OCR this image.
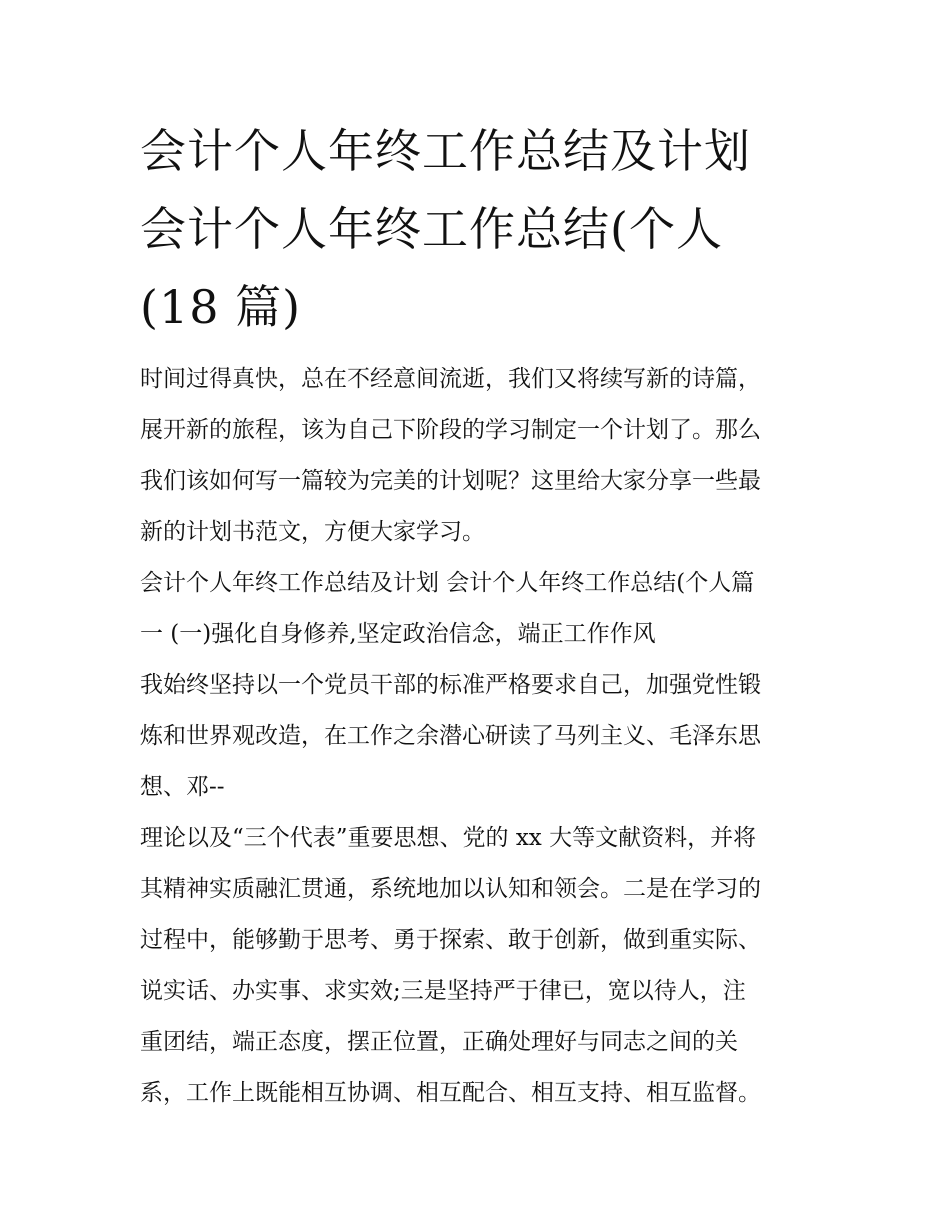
会计个人年终工作总结及计划
会计个人年终工作总结(个人
(18 篇)

时间过得真快，总在不经意间流逝，我们又将续写新的诗篇，
展开新的旅程，该为自己下阶段的学习制定一个计划了。那么
我们该如何写一篇较为完美的计划呢？这里给大家分享一些最
新的计划书范文，方便大家学习。

会计个人年终工作总结及计划 会计个人年终工作总结(个人篇
一 (一)强化自身修养,坚定政治信念，端正工作作风

我始终坚持以一个党员干部的标准严格要求自己，加强党性锻
炼和世界观改造，在工作之余潜心研读了马列主义、毛泽东思
想、邓--

理论以及“三个代表”重要思想、党的 xx 大等文献资料，并将
其精神实质融汇贯通，系统地加以认知和领会。二是在学习的
过程中，能够勤于思考、勇于探索、敢于创新，做到重实际、
说实话、办实事、求实效;三是坚持严于律已，宽以待人，注
重团结，端正态度，摆正位置，正确处理好与同志之间的关
系，工作上既能相互协调、相互配合、相互支持、相互监督。
